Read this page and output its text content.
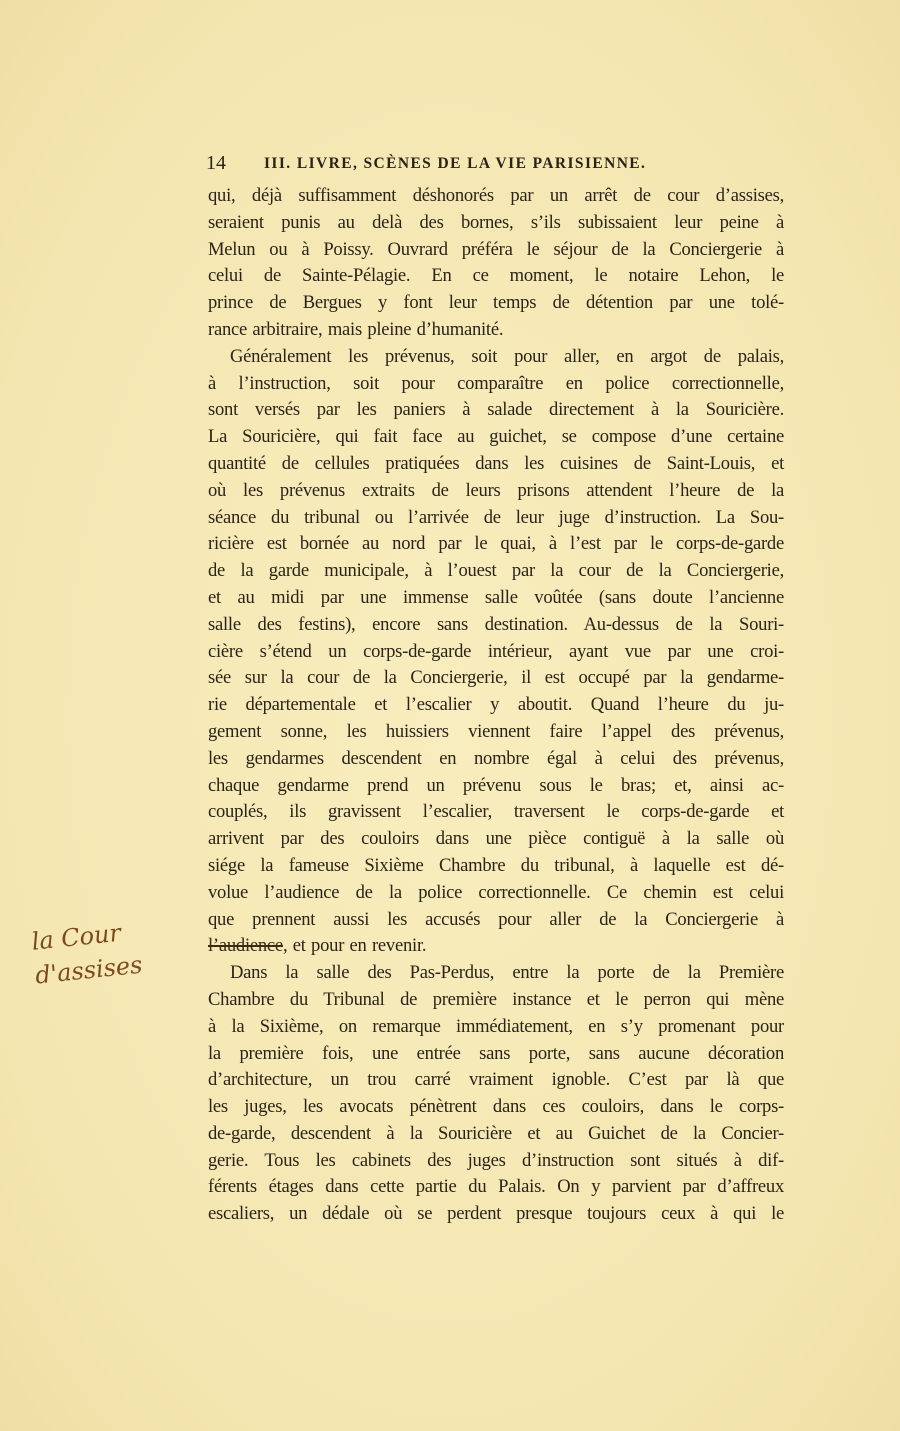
14 III. LIVRE, SCÈNES DE LA VIE PARISIENNE.
qui, déjà suffisamment déshonorés par un arrêt de cour d’assises,
seraient punis au delà des bornes, s’ils subissaient leur peine à
Melun ou à Poissy. Ouvrard préféra le séjour de la Conciergerie à
celui de Sainte-Pélagie. En ce moment, le notaire Lehon, le
prince de Bergues y font leur temps de détention par une tolé-
rance arbitraire, mais pleine d’humanité.
Généralement les prévenus, soit pour aller, en argot de palais,
à l’instruction, soit pour comparaître en police correctionnelle,
sont versés par les paniers à salade directement à la Souricière.
La Souricière, qui fait face au guichet, se compose d’une certaine
quantité de cellules pratiquées dans les cuisines de Saint-Louis, et
où les prévenus extraits de leurs prisons attendent l’heure de la
séance du tribunal ou l’arrivée de leur juge d’instruction. La Sou-
ricière est bornée au nord par le quai, à l’est par le corps-de-garde
de la garde municipale, à l’ouest par la cour de la Conciergerie,
et au midi par une immense salle voûtée (sans doute l’ancienne
salle des festins), encore sans destination. Au-dessus de la Souri-
cière s’étend un corps-de-garde intérieur, ayant vue par une croi-
sée sur la cour de la Conciergerie, il est occupé par la gendarme-
rie départementale et l’escalier y aboutit. Quand l’heure du ju-
gement sonne, les huissiers viennent faire l’appel des prévenus,
les gendarmes descendent en nombre égal à celui des prévenus,
chaque gendarme prend un prévenu sous le bras; et, ainsi ac-
couplés, ils gravissent l’escalier, traversent le corps-de-garde et
arrivent par des couloirs dans une pièce contiguë à la salle où
siége la fameuse Sixième Chambre du tribunal, à laquelle est dé-
volue l’audience de la police correctionnelle. Ce chemin est celui
que prennent aussi les accusés pour aller de la Conciergerie à
l’audience, et pour en revenir.
Dans la salle des Pas-Perdus, entre la porte de la Première
Chambre du Tribunal de première instance et le perron qui mène
à la Sixième, on remarque immédiatement, en s’y promenant pour
la première fois, une entrée sans porte, sans aucune décoration
d’architecture, un trou carré vraiment ignoble. C’est par là que
les juges, les avocats pénètrent dans ces couloirs, dans le corps-
de-garde, descendent à la Souricière et au Guichet de la Concier-
gerie. Tous les cabinets des juges d’instruction sont situés à dif-
férents étages dans cette partie du Palais. On y parvient par d’affreux
escaliers, un dédale où se perdent presque toujours ceux à qui le
la Cour d'assises
